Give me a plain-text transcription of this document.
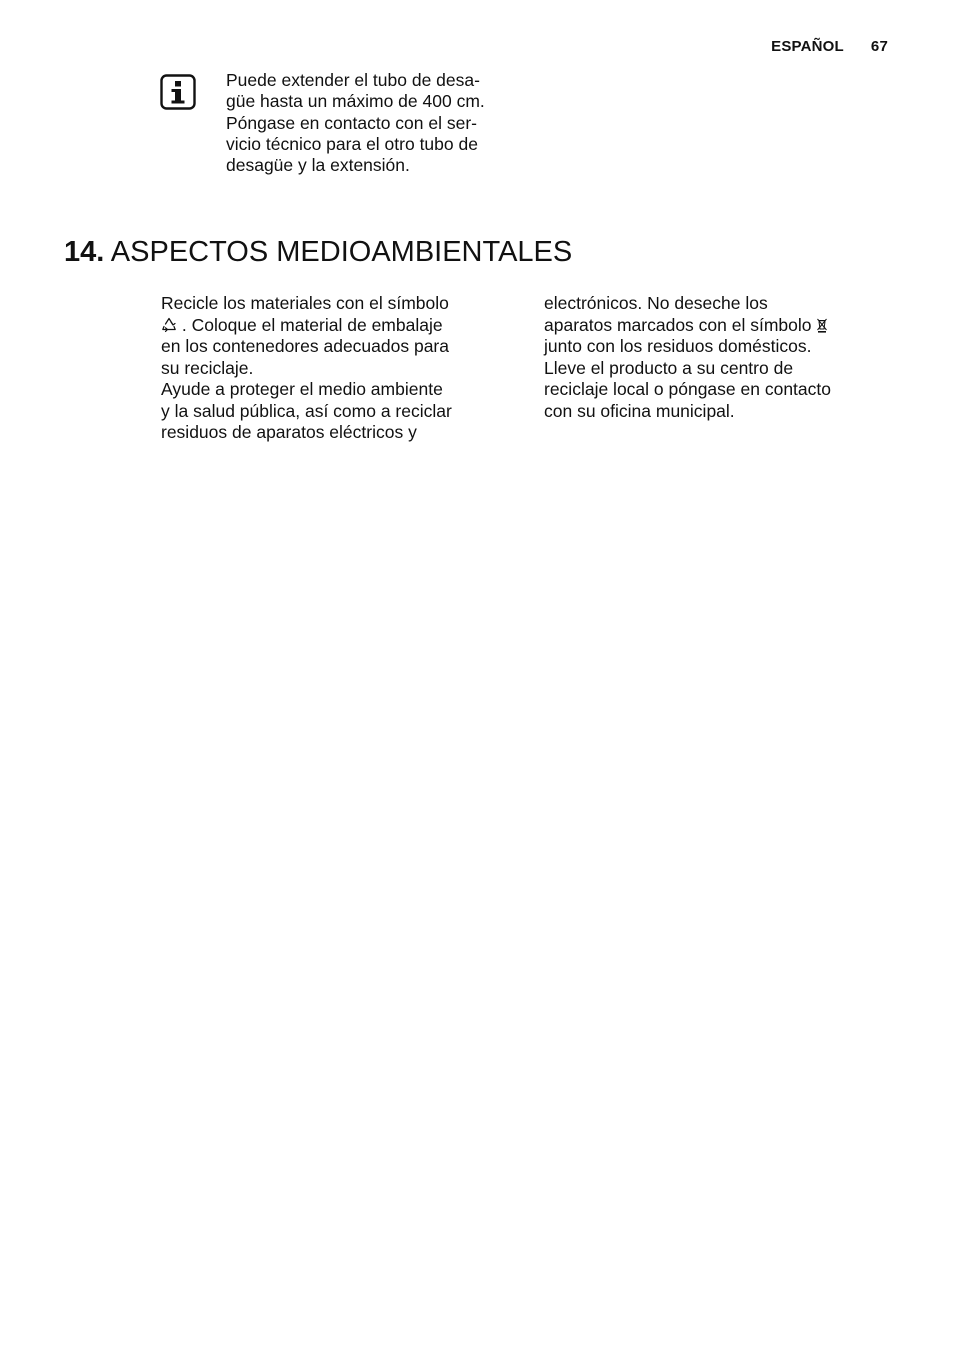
ESPAÑOL 67
Puede extender el tubo de desa-
güe hasta un máximo de 400 cm.
Póngase en contacto con el ser-
vicio técnico para el otro tubo de
desagüe y la extensión.
14. ASPECTOS MEDIOAMBIENTALES
Recicle los materiales con el símbolo
. Coloque el material de embalaje
en los contenedores adecuados para
su reciclaje.
Ayude a proteger el medio ambiente
y la salud pública, así como a reciclar
residuos de aparatos eléctricos y
electrónicos. No deseche los
aparatos marcados con el símbolo
junto con los residuos domésticos.
Lleve el producto a su centro de
reciclaje local o póngase en contacto
con su oficina municipal.
